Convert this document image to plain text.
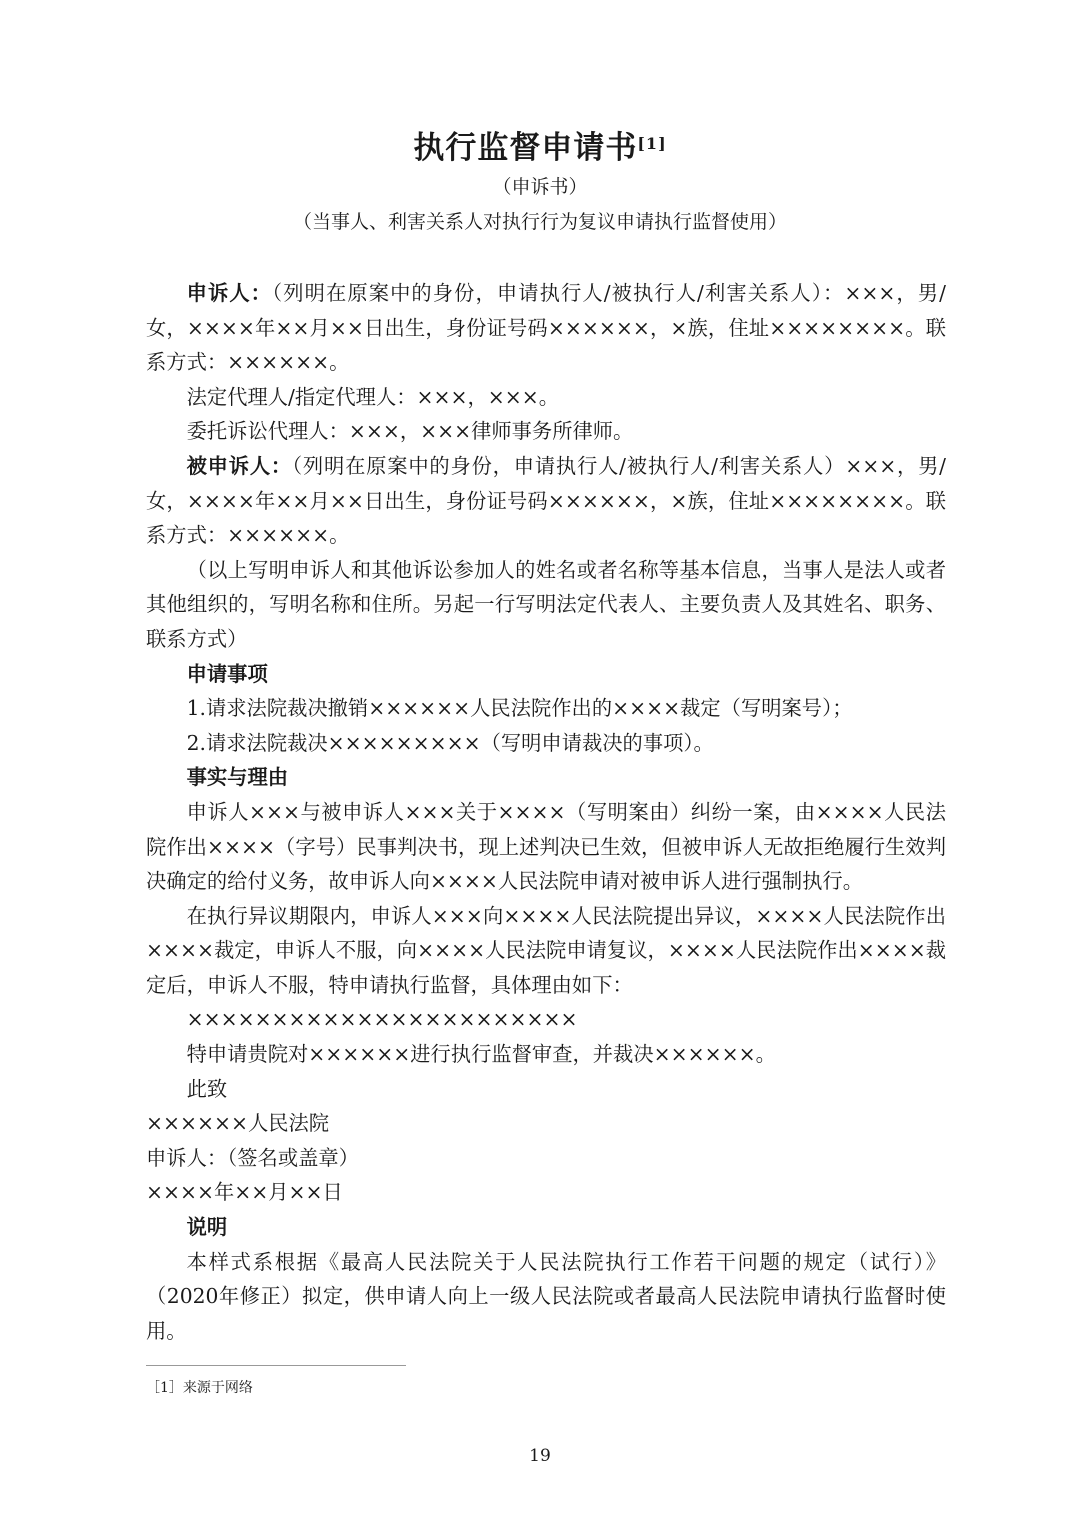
执行监督申请书[1]
（申诉书）
（当事人、利害关系人对执行行为复议申请执行监督使用）

申诉人：（列明在原案中的身份，申请执行人/被执行人/利害关系人）：×××，男/女，××××年××月××日出生，身份证号码××××××，×族，住址××××××××。联系方式：××××××。

法定代理人/指定代理人：×××，×××。

委托诉讼代理人：×××，×××律师事务所律师。

被申诉人：（列明在原案中的身份，申请执行人/被执行人/利害关系人）×××，男/女，××××年××月××日出生，身份证号码××××××，×族，住址××××××××。联系方式：××××××。

（以上写明申诉人和其他诉讼参加人的姓名或者名称等基本信息，当事人是法人或者其他组织的，写明名称和住所。另起一行写明法定代表人、主要负责人及其姓名、职务、联系方式）

申请事项

1.请求法院裁决撤销××××××人民法院作出的××××裁定（写明案号）；

2.请求法院裁决×××××××××（写明申请裁决的事项）。

事实与理由

申诉人×××与被申诉人×××关于××××（写明案由）纠纷一案，由××××人民法院作出××××（字号）民事判决书，现上述判决已生效，但被申诉人无故拒绝履行生效判决确定的给付义务，故申诉人向××××人民法院申请对被申诉人进行强制执行。

在执行异议期限内，申诉人×××向××××人民法院提出异议，××××人民法院作出××××裁定，申诉人不服，向××××人民法院申请复议，××××人民法院作出××××裁定后，申诉人不服，特申请执行监督，具体理由如下：

×××××××××××××××××××××××

特申请贵院对××××××进行执行监督审查，并裁决××××××。

此致

××××××人民法院

申诉人：（签名或盖章）

××××年××月××日

说明

本样式系根据《最高人民法院关于人民法院执行工作若干问题的规定（试行）》（2020年修正）拟定，供申请人向上一级人民法院或者最高人民法院申请执行监督时使用。

［1］来源于网络
19
